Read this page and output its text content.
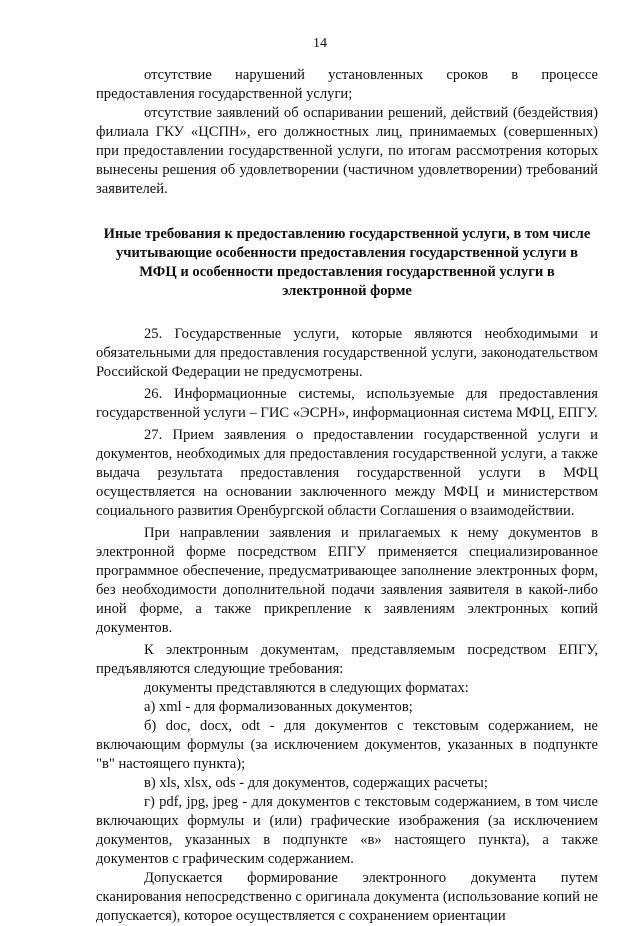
14

отсутствие нарушений установленных сроков в процессе предоставления государственной услуги;

отсутствие заявлений об оспаривании решений, действий (бездействия) филиала ГКУ «ЦСПН», его должностных лиц, принимаемых (совершенных) при предоставлении государственной услуги, по итогам рассмотрения которых вынесены решения об удовлетворении (частичном удовлетворении) требований заявителей.

Иные требования к предоставлению государственной услуги, в том числе учитывающие особенности предоставления государственной услуги в МФЦ и особенности предоставления государственной услуги в электронной форме

25. Государственные услуги, которые являются необходимыми и обязательными для предоставления государственной услуги, законодательством Российской Федерации не предусмотрены.

26. Информационные системы, используемые для предоставления государственной услуги – ГИС «ЭСРН», информационная система МФЦ, ЕПГУ.

27. Прием заявления о предоставлении государственной услуги и документов, необходимых для предоставления государственной услуги, а также выдача результата предоставления государственной услуги в МФЦ осуществляется на основании заключенного между МФЦ и министерством социального развития Оренбургской области Соглашения о взаимодействии.

При направлении заявления и прилагаемых к нему документов в электронной форме посредством ЕПГУ применяется специализированное программное обеспечение, предусматривающее заполнение электронных форм, без необходимости дополнительной подачи заявления заявителя в какой-либо иной форме, а также прикрепление к заявлениям электронных копий документов.

К электронным документам, представляемым посредством ЕПГУ, предъявляются следующие требования:

документы представляются в следующих форматах:

а) xml - для формализованных документов;

б) doc, docx, odt - для документов с текстовым содержанием, не включающим формулы (за исключением документов, указанных в подпункте "в" настоящего пункта);

в) xls, xlsx, ods - для документов, содержащих расчеты;

г) pdf, jpg, jpeg - для документов с текстовым содержанием, в том числе включающих формулы и (или) графические изображения (за исключением документов, указанных в подпункте «в» настоящего пункта), а также документов с графическим содержанием.

Допускается формирование электронного документа путем сканирования непосредственно с оригинала документа (использование копий не допускается), которое осуществляется с сохранением ориентации
